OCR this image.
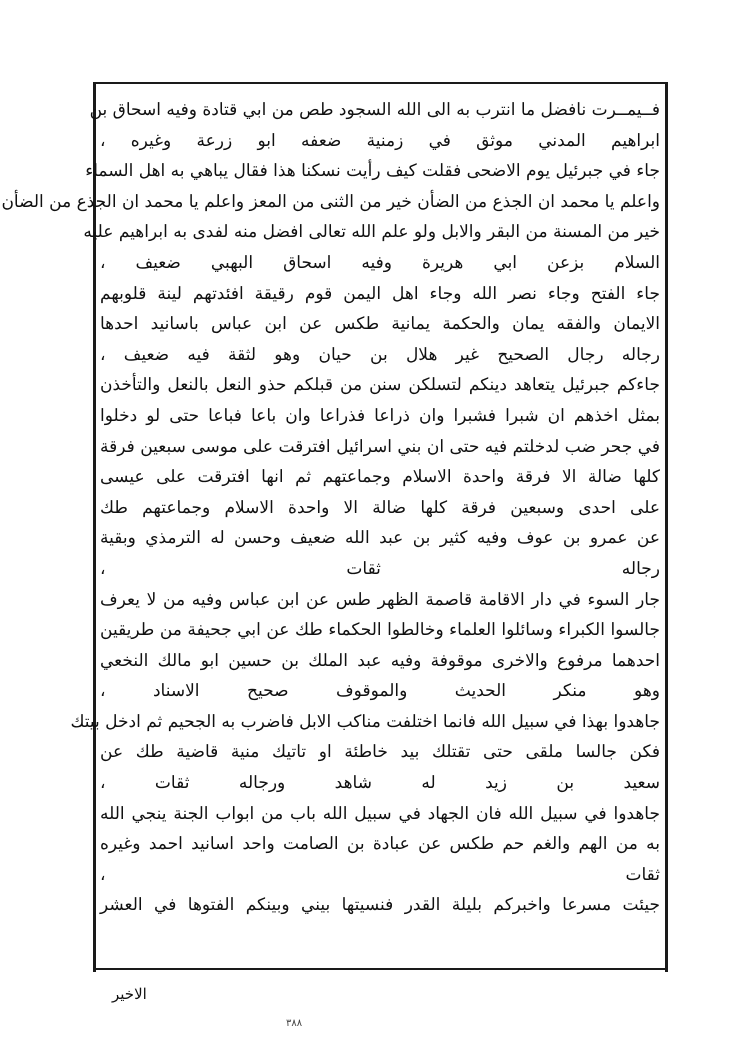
فــيمــرت نافضل ما انترب به الى الله السجود طص من ابي قتادة وفيه اسحاق بن
ابراهيم المدني موثق في زمنية ضعفه ابو زرعة وغيره ،
جاء في جبرئيل يوم الاضحى فقلت كيف رأيت نسكنا هذا فقال يباهي به اهل السماء
واعلم يا محمد ان الجذع من الضأن خير من الثنى من المعز واعلم يا محمد ان الجذع من الضأن
خير من المسنة من البقر والابل ولو علم الله تعالى افضل منه لفدى به ابراهيم عليه
السلام بزعن ابي هريرة وفيه اسحاق البهبي ضعيف ،
جاء الفتح وجاء نصر الله وجاء اهل اليمن قوم رقيقة افئدتهم لينة قلوبهم
الايمان والفقه يمان والحكمة يمانية طكس عن ابن عباس باسانيد احدها
رجاله رجال الصحيح غير هلال بن حيان وهو لثقة فيه ضعيف ،
جاءكم جبرئيل يتعاهد دينكم لتسلكن سنن من قبلكم حذو النعل بالنعل والتأخذن
بمثل اخذهم ان شبرا فشبرا وان ذراعا فذراعا وان باعا فباعا حتى لو دخلوا
في جحر ضب لدخلتم فيه حتى ان بني اسرائيل افترقت على موسى سبعين فرقة
كلها ضالة الا فرقة واحدة الاسلام وجماعتهم ثم انها افترقت على عيسى
على احدى وسبعين فرقة كلها ضالة الا واحدة الاسلام وجماعتهم طك
عن عمرو بن عوف وفيه كثير بن عبد الله ضعيف وحسن له الترمذي وبقية
رجاله ثقات ،
جار السوء في دار الاقامة قاصمة الظهر طس عن ابن عباس وفيه من لا يعرف
جالسوا الكبراء وسائلوا العلماء وخالطوا الحكماء طك عن ابي جحيفة من طريقين
احدهما مرفوع والاخرى موقوفة وفيه عبد الملك بن حسين ابو مالك النخعي
وهو منكر الحديث والموقوف صحيح الاسناد ،
جاهدوا بهذا في سبيل الله فانما اختلفت مناكب الابل فاضرب به الجحيم ثم ادخل بيتك
فكن جالسا ملقى حتى تقتلك بيد خاطئة او تاتيك منية قاضية طك عن
سعيد بن زيد له شاهد ورجاله ثقات ،
جاهدوا في سبيل الله فان الجهاد في سبيل الله باب من ابواب الجنة ينجي الله
به من الهم والغم حم طكس عن عبادة بن الصامت واحد اسانيد احمد وغيره
ثقات ،
جيئت مسرعا واخبركم بليلة القدر فنسيتها بيني وبينكم الفتوها في العشر
الاخير
٣٨٨
